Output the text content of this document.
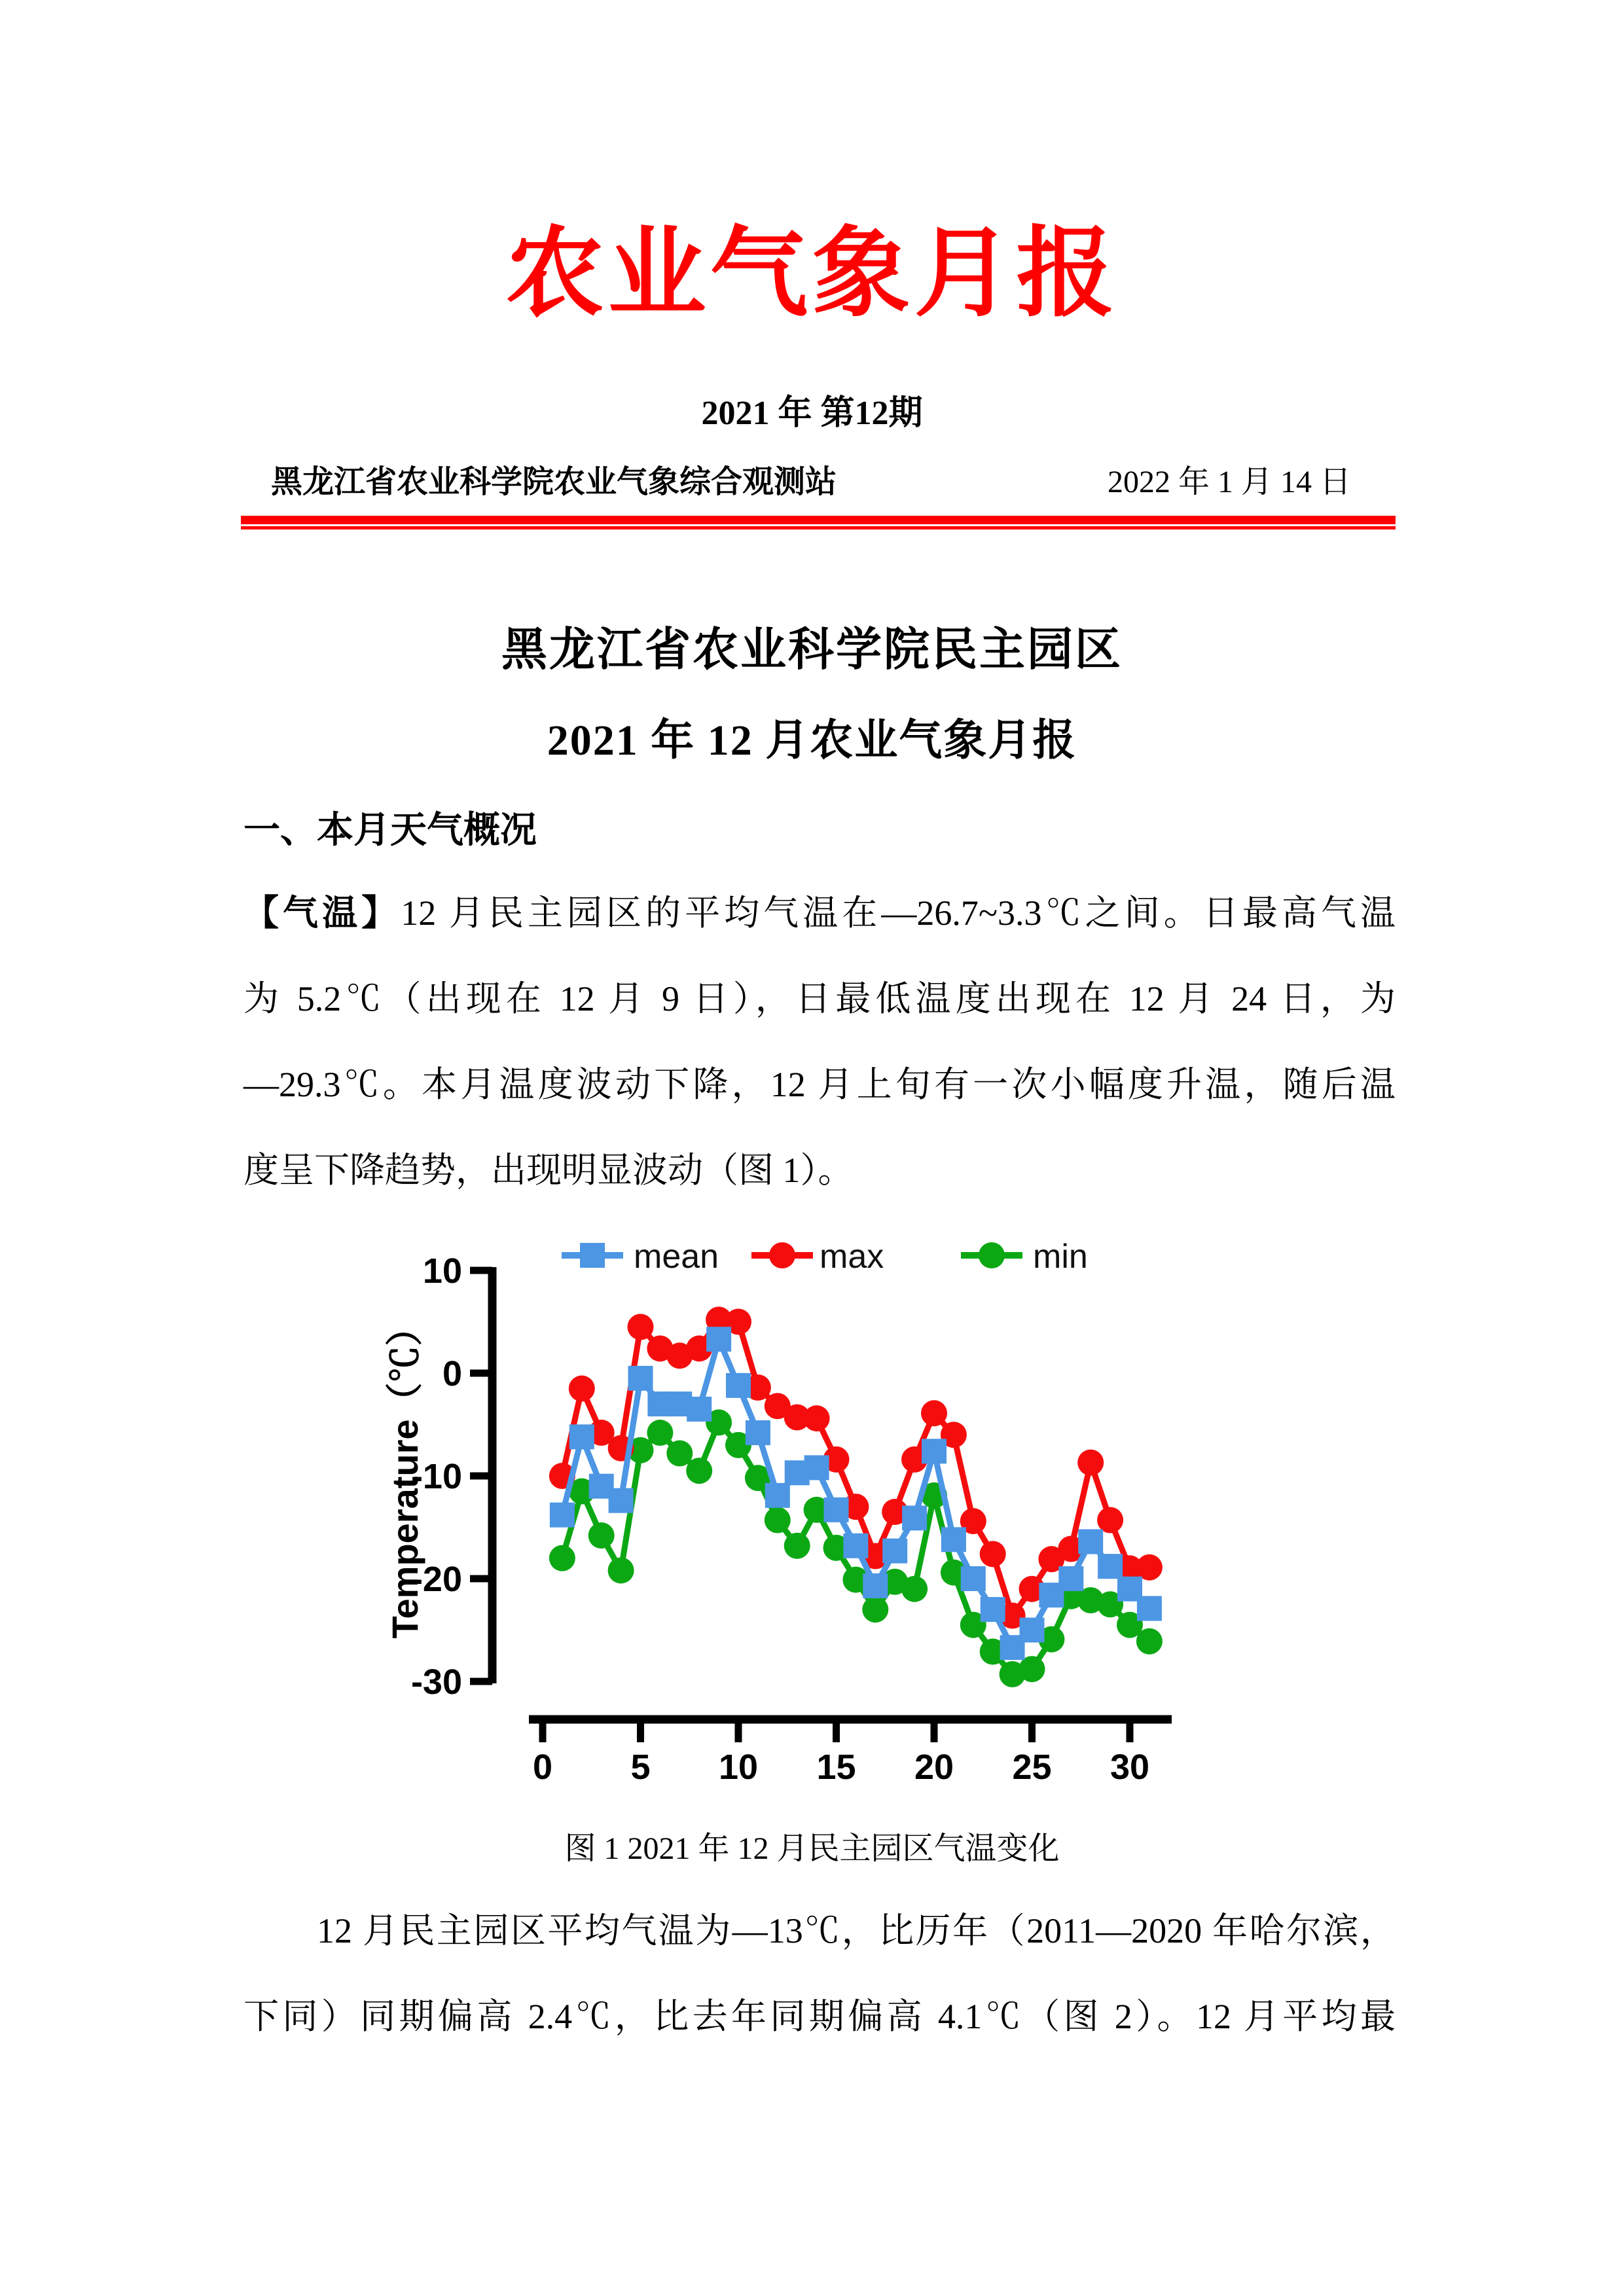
农业气象月报
2021 年 第12期
黑龙江省农业科学院农业气象综合观测站	2022 年 1 月 14 日
黑龙江省农业科学院民主园区
2021 年 12 月农业气象月报
一、本月天气概况
【气温】12 月民主园区的平均气温在—26.7~3.3℃之间。日最高气温
为 5.2℃（出现在 12 月 9 日），日最低温度出现在 12 月 24 日，为
—29.3℃。本月温度波动下降，12 月上旬有一次小幅度升温，随后温
度呈下降趋势，出现明显波动（图 1）。
10
0
-10
-20
-30
Temperature（℃）
0 5 10 15 20 25 30
mean	max	min
图 1 2021 年 12 月民主园区气温变化
12 月民主园区平均气温为—13℃，比历年（2011—2020 年哈尔滨，
下同）同期偏高 2.4℃，比去年同期偏高 4.1℃（图 2）。12 月平均最
